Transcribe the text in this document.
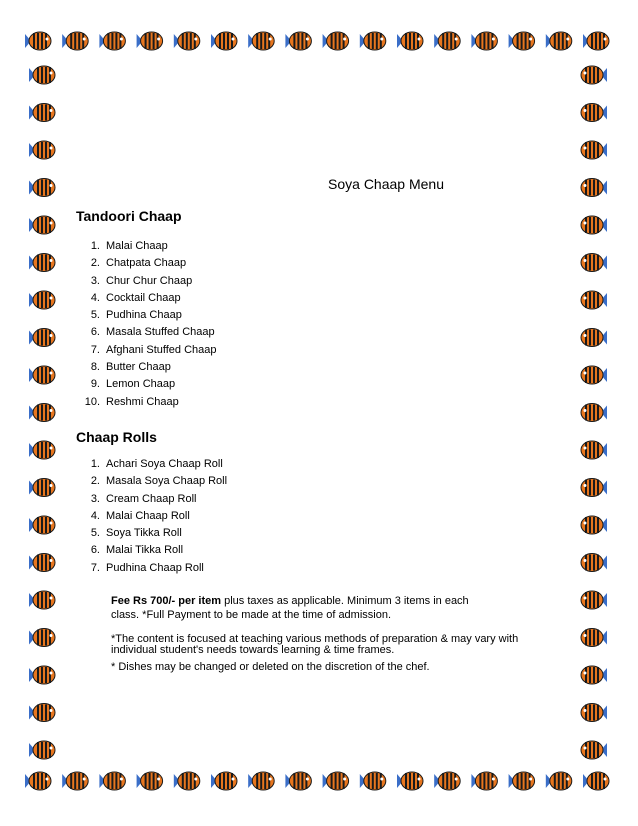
Soya Chaap Menu
Tandoori Chaap
1. Malai Chaap
2. Chatpata Chaap
3. Chur Chur Chaap
4. Cocktail Chaap
5. Pudhina Chaap
6. Masala Stuffed Chaap
7. Afghani Stuffed Chaap
8. Butter Chaap
9. Lemon Chaap
10. Reshmi Chaap
Chaap Rolls
1. Achari Soya Chaap Roll
2. Masala Soya Chaap Roll
3. Cream Chaap Roll
4. Malai Chaap Roll
5. Soya Tikka Roll
6. Malai Tikka Roll
7. Pudhina Chaap Roll

Fee Rs 700/- per item plus taxes as applicable. Minimum 3 items in each
class. *Full Payment to be made at the time of admission.

*The content is focused at teaching various methods of preparation & may vary with
individual student's needs towards learning & time frames.

* Dishes may be changed or deleted on the discretion of the chef.
